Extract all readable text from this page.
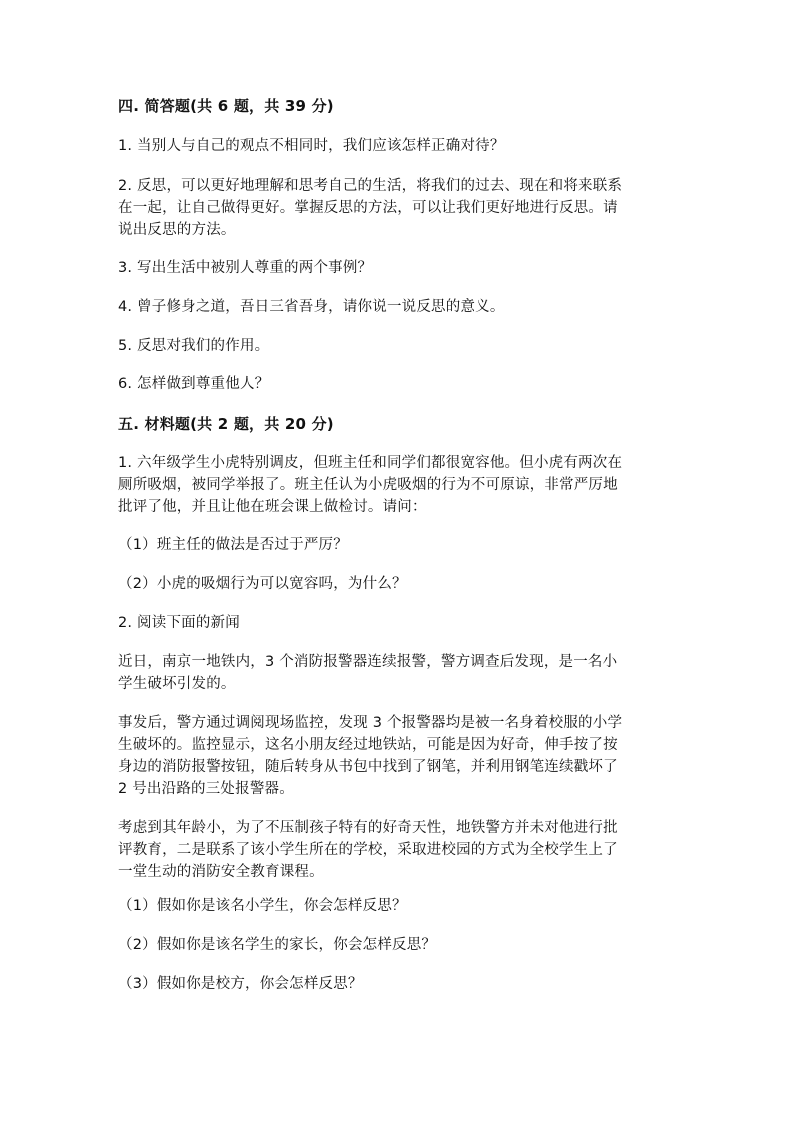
四. 简答题(共 6 题，共 39 分)
1. 当别人与自己的观点不相同时，我们应该怎样正确对待？
2. 反思，可以更好地理解和思考自己的生活，将我们的过去、现在和将来联系
在一起，让自己做得更好。掌握反思的方法，可以让我们更好地进行反思。请
说出反思的方法。
3. 写出生活中被别人尊重的两个事例？
4. 曾子修身之道，吾日三省吾身，请你说一说反思的意义。
5. 反思对我们的作用。
6. 怎样做到尊重他人？
五. 材料题(共 2 题，共 20 分)
1. 六年级学生小虎特别调皮，但班主任和同学们都很宽容他。但小虎有两次在
厕所吸烟，被同学举报了。班主任认为小虎吸烟的行为不可原谅，非常严厉地
批评了他，并且让他在班会课上做检讨。请问：
（1）班主任的做法是否过于严厉？
（2）小虎的吸烟行为可以宽容吗，为什么？
2. 阅读下面的新闻
近日，南京一地铁内，3 个消防报警器连续报警，警方调查后发现，是一名小
学生破坏引发的。
事发后，警方通过调阅现场监控，发现 3 个报警器均是被一名身着校服的小学
生破坏的。监控显示，这名小朋友经过地铁站，可能是因为好奇，伸手按了按
身边的消防报警按钮，随后转身从书包中找到了钢笔，并利用钢笔连续戳坏了
2 号出沿路的三处报警器。
考虑到其年龄小，为了不压制孩子特有的好奇天性，地铁警方并未对他进行批
评教育，二是联系了该小学生所在的学校，采取进校园的方式为全校学生上了
一堂生动的消防安全教育课程。
（1）假如你是该名小学生，你会怎样反思？
（2）假如你是该名学生的家长，你会怎样反思？
（3）假如你是校方，你会怎样反思？
